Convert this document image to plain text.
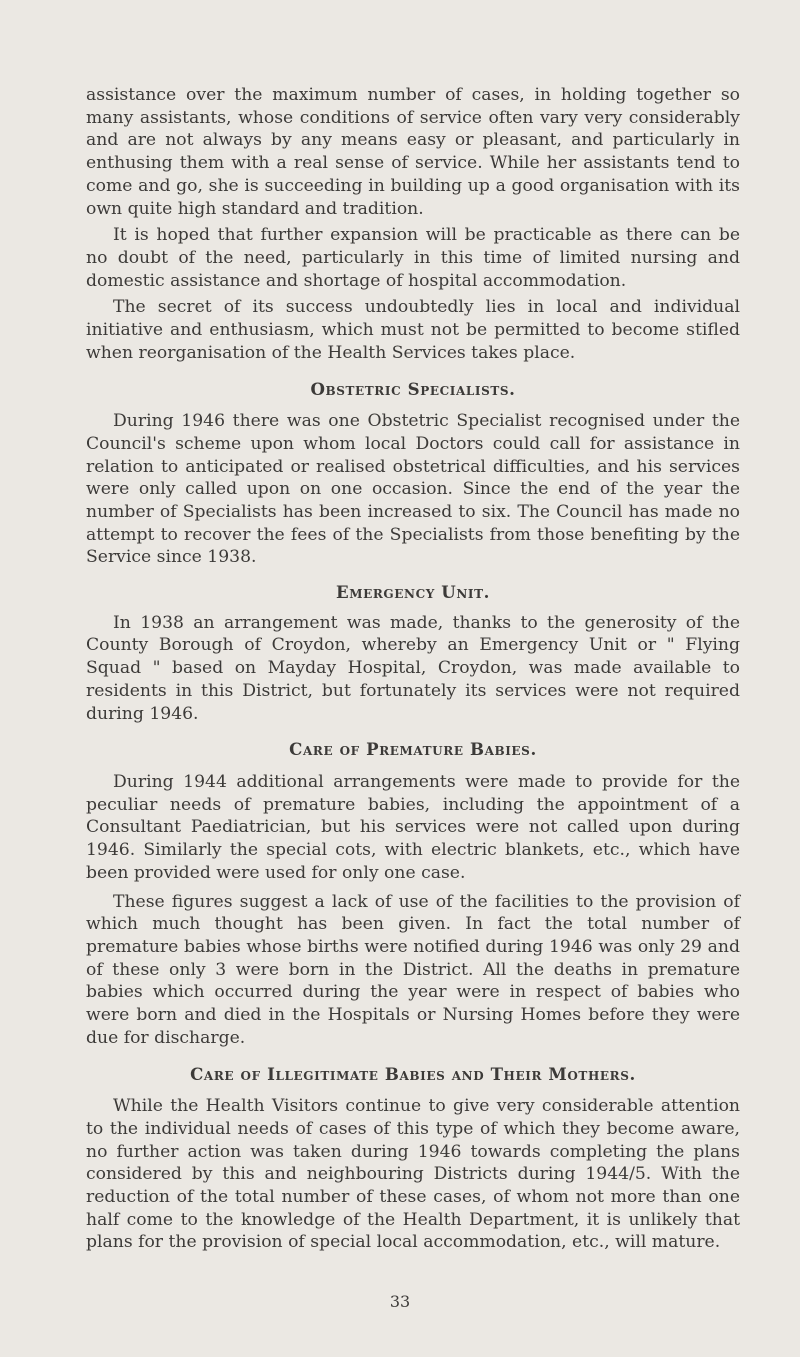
assistance over the maximum number of cases, in holding together so many assistants, whose conditions of service often vary very considerably and are not always by any means easy or pleasant, and particularly in enthusing them with a real sense of service. While her assistants tend to come and go, she is succeeding in building up a good organisation with its own quite high standard and tradition.

It is hoped that further expansion will be practicable as there can be no doubt of the need, particularly in this time of limited nursing and domestic assistance and shortage of hospital accommodation.

The secret of its success undoubtedly lies in local and individual initiative and enthusiasm, which must not be permitted to become stifled when reorganisation of the Health Services takes place.

Obstetric Specialists.

During 1946 there was one Obstetric Specialist recognised under the Council's scheme upon whom local Doctors could call for assistance in relation to anticipated or realised obstetrical difficulties, and his services were only called upon on one occasion. Since the end of the year the number of Specialists has been increased to six. The Council has made no attempt to recover the fees of the Specialists from those benefiting by the Service since 1938.

Emergency Unit.

In 1938 an arrangement was made, thanks to the generosity of the County Borough of Croydon, whereby an Emergency Unit or " Flying Squad " based on Mayday Hospital, Croydon, was made available to residents in this District, but fortunately its services were not required during 1946.

Care of Premature Babies.

During 1944 additional arrangements were made to provide for the peculiar needs of premature babies, including the appointment of a Consultant Paediatrician, but his services were not called upon during 1946. Similarly the special cots, with electric blankets, etc., which have been provided were used for only one case.

These figures suggest a lack of use of the facilities to the provision of which much thought has been given. In fact the total number of premature babies whose births were notified during 1946 was only 29 and of these only 3 were born in the District. All the deaths in premature babies which occurred during the year were in respect of babies who were born and died in the Hospitals or Nursing Homes before they were due for discharge.

Care of Illegitimate Babies and Their Mothers.

While the Health Visitors continue to give very considerable attention to the individual needs of cases of this type of which they become aware, no further action was taken during 1946 towards completing the plans considered by this and neighbouring Districts during 1944/5. With the reduction of the total number of these cases, of whom not more than one half come to the knowledge of the Health Department, it is unlikely that plans for the provision of special local accommodation, etc., will mature.

33
